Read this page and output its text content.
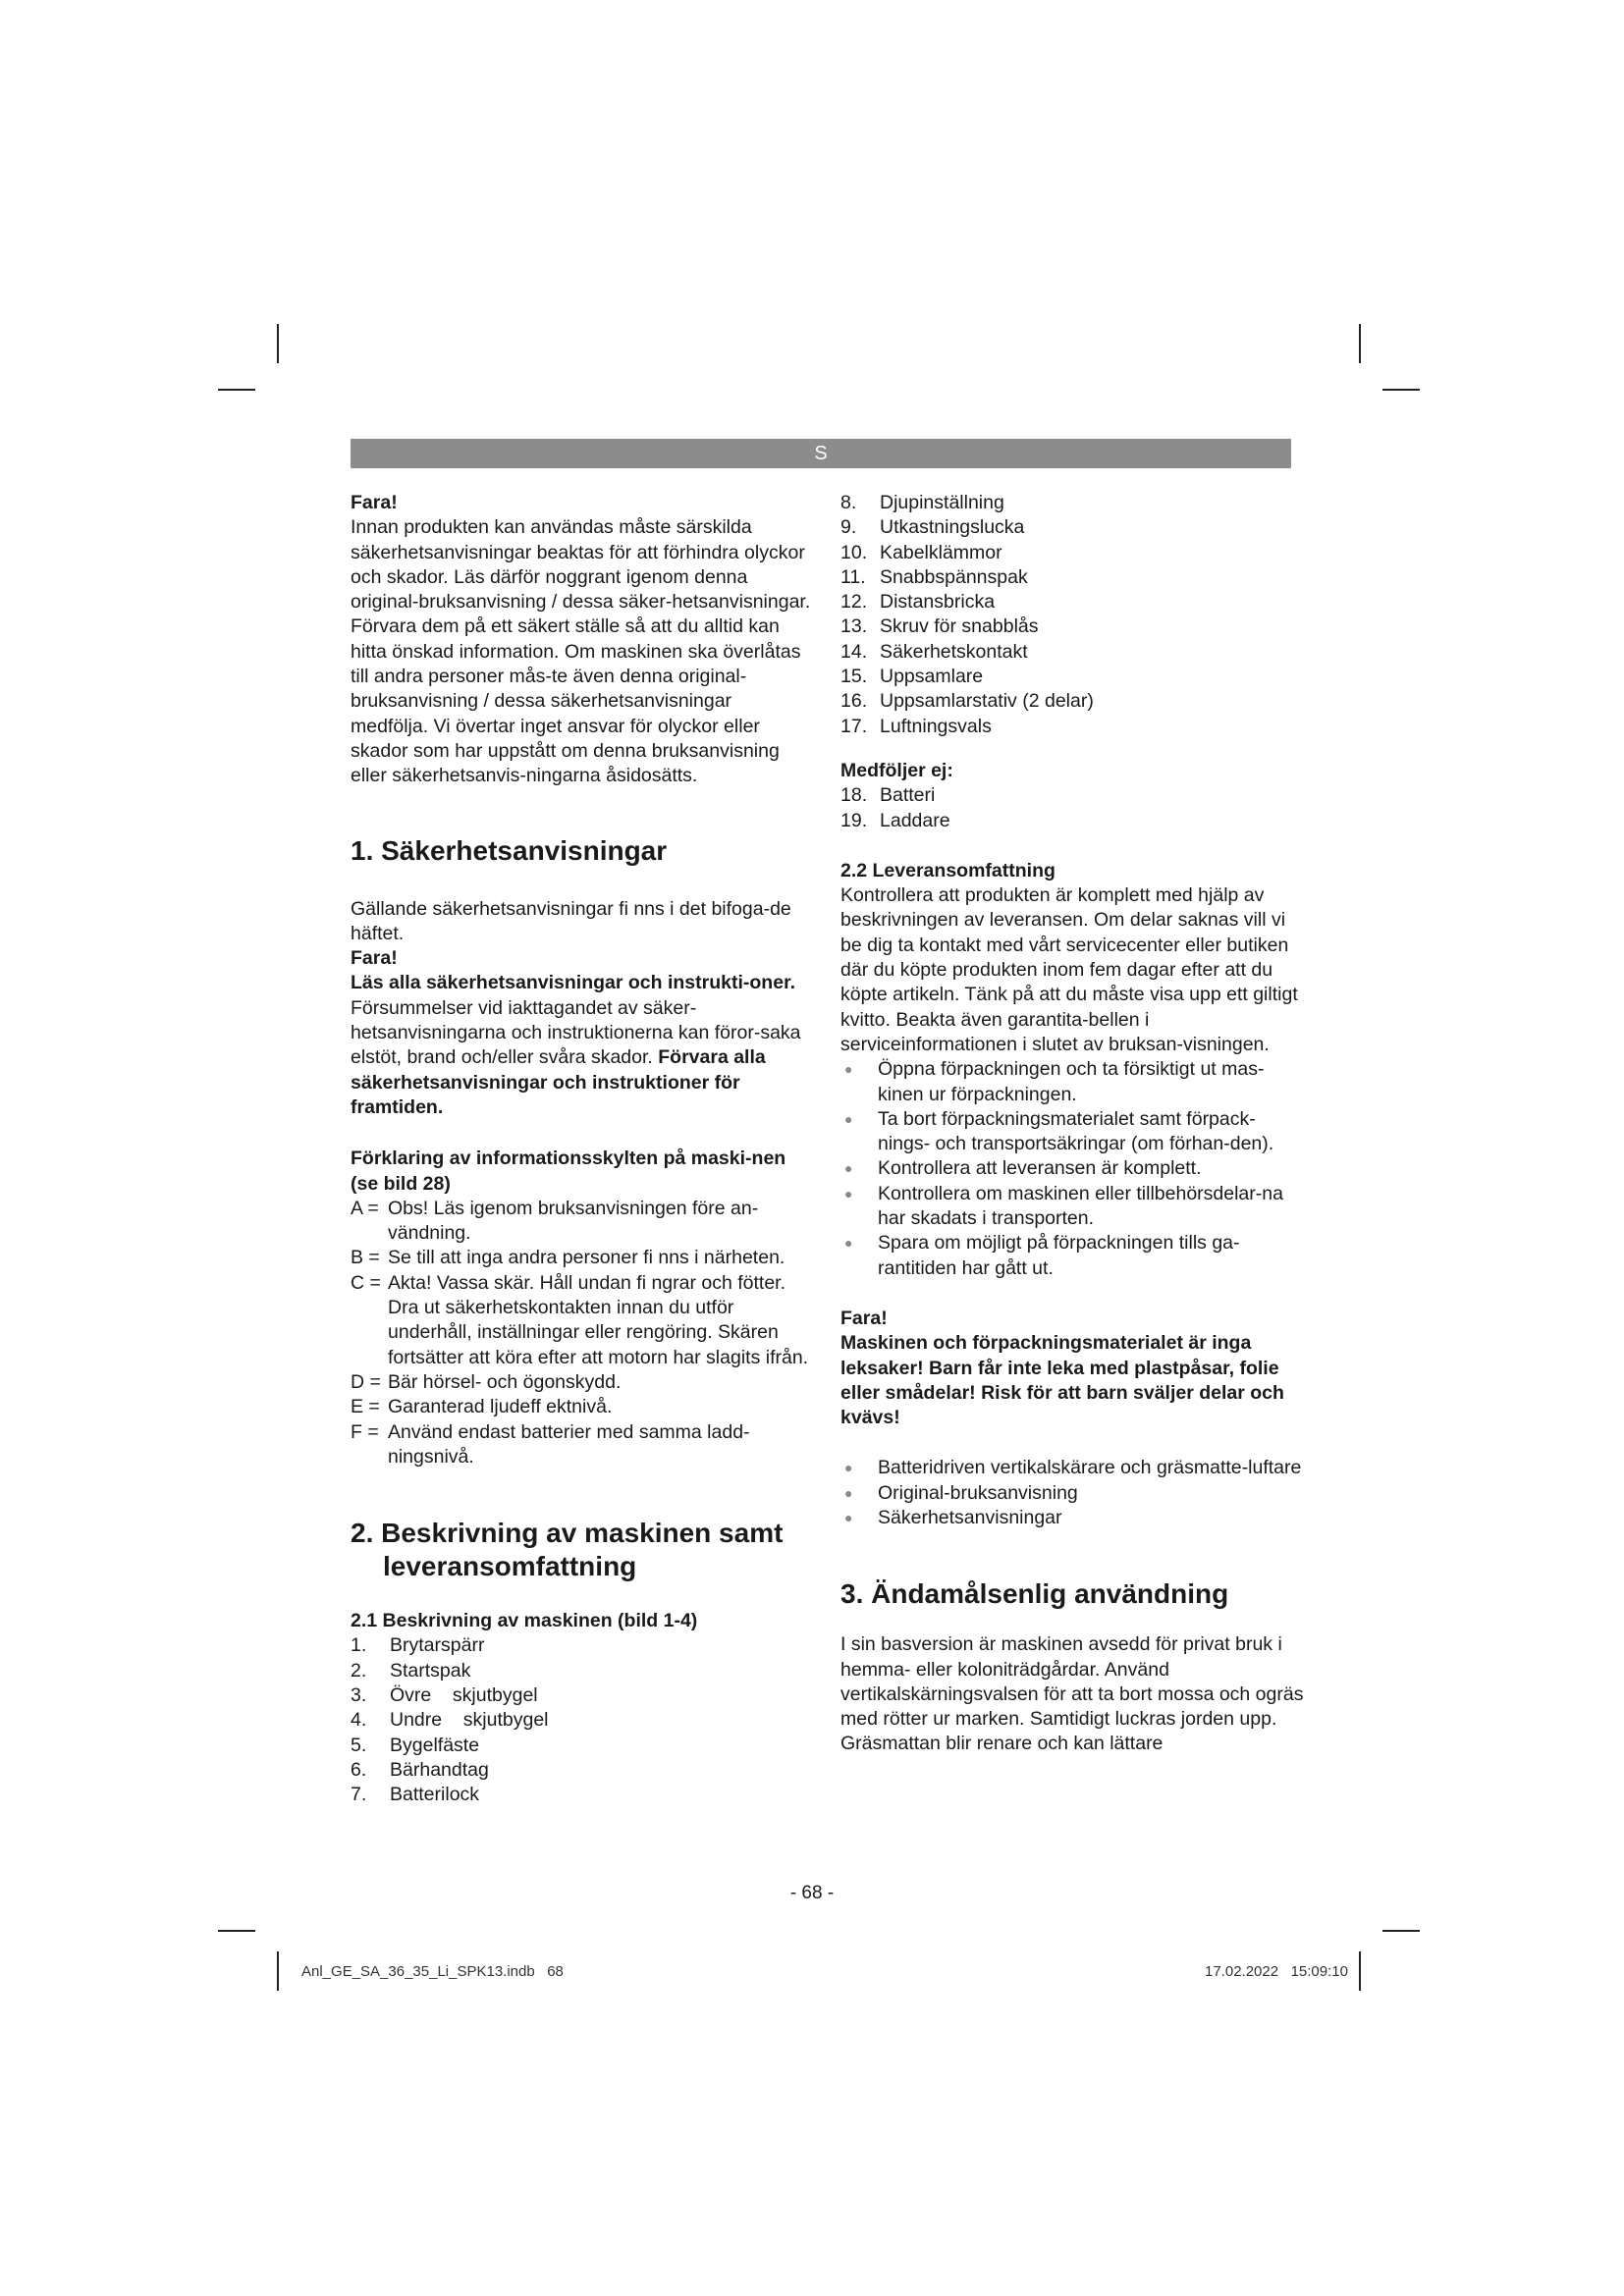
S

Fara!

Innan produkten kan användas måste särskilda säkerhetsanvisningar beaktas för att förhindra olyckor och skador. Läs därför noggrant igenom denna original-bruksanvisning / dessa säker-hetsanvisningar. Förvara dem på ett säkert ställe så att du alltid kan hitta önskad information. Om maskinen ska överlåtas till andra personer mås-te även denna original-bruksanvisning / dessa säkerhetsanvisningar medfölja. Vi övertar inget ansvar för olyckor eller skador som har uppstått om denna bruksanvisning eller säkerhetsanvis-ningarna åsidosätts.

1. Säkerhetsanvisningar

Gällande säkerhetsanvisningar fi nns i det bifoga-de häftet.

Fara!

Läs alla säkerhetsanvisningar och instrukti-oner. Försummelser vid iakttagandet av säker-hetsanvisningarna och instruktionerna kan föror-saka elstöt, brand och/eller svåra skador. Förvara alla säkerhetsanvisningar och instruktioner för framtiden.

Förklaring av informationsskylten på maski-nen (se bild 28)
A = Obs! Läs igenom bruksanvisningen före an-vändning.
B = Se till att inga andra personer fi nns i närheten.
C = Akta! Vassa skär. Håll undan fi ngrar och fötter. Dra ut säkerhetskontakten innan du utför underhåll, inställningar eller rengöring. Skären fortsätter att köra efter att motorn har slagits ifrån.
D = Bär hörsel- och ögonskydd.
E = Garanterad ljudeff ektnivå.
F = Använd endast batterier med samma ladd-ningsnivå.
2. Beskrivning av maskinen samt leveransomfattning
2.1 Beskrivning av maskinen (bild 1-4)
1.	Brytarspärr
2.	Startspak
3.	Övre    skjutbygel
4.	Undre    skjutbygel
5.	Bygelfäste
6.	Bärhandtag
7.	Batterilock
8.	Djupinställning
9.	Utkastningslucka
10. Kabelklämmor
11. Snabbspännspak
12. Distansbricka
13. Skruv för snabblås
14. Säkerhetskontakt
15. Uppsamlare
16. Uppsamlarstativ (2 delar)
17. Luftningsvals
Medföljer ej:
18. Batteri
19. Laddare
2.2 Leveransomfattning

Kontrollera att produkten är komplett med hjälp av beskrivningen av leveransen. Om delar saknas vill vi be dig ta kontakt med vårt servicecenter eller butiken där du köpte produkten inom fem dagar efter att du köpte artikeln. Tänk på att du måste visa upp ett giltigt kvitto. Beakta även garantita-bellen i serviceinformationen i slutet av bruksan-visningen.

●	Öppna förpackningen och ta försiktigt ut mas-kinen ur förpackningen.
●	Ta bort förpackningsmaterialet samt förpack-nings- och transportsäkringar (om förhan-den).
●	Kontrollera att leveransen är komplett.
●	Kontrollera om maskinen eller tillbehörsdelar-na har skadats i transporten.
●	Spara om möjligt på förpackningen tills ga-rantitiden har gått ut.

Fara!

Maskinen och förpackningsmaterialet är inga leksaker! Barn får inte leka med plastpåsar, folie eller smådelar! Risk för att barn sväljer delar och kvävs!

●	Batteridriven vertikalskärare och gräsmatte-luftare
●	Original-bruksanvisning
●	Säkerhetsanvisningar
3. Ändamålsenlig användning

I sin basversion är maskinen avsedd för privat bruk i hemma- eller koloniträdgårdar. Använd vertikalskärningsvalsen för att ta bort mossa och ogräs med rötter ur marken. Samtidigt luckras jorden upp. Gräsmattan blir renare och kan lättare

- 68 -
Anl_GE_SA_36_35_Li_SPK13.indb   68	17.02.2022   15:09:10
